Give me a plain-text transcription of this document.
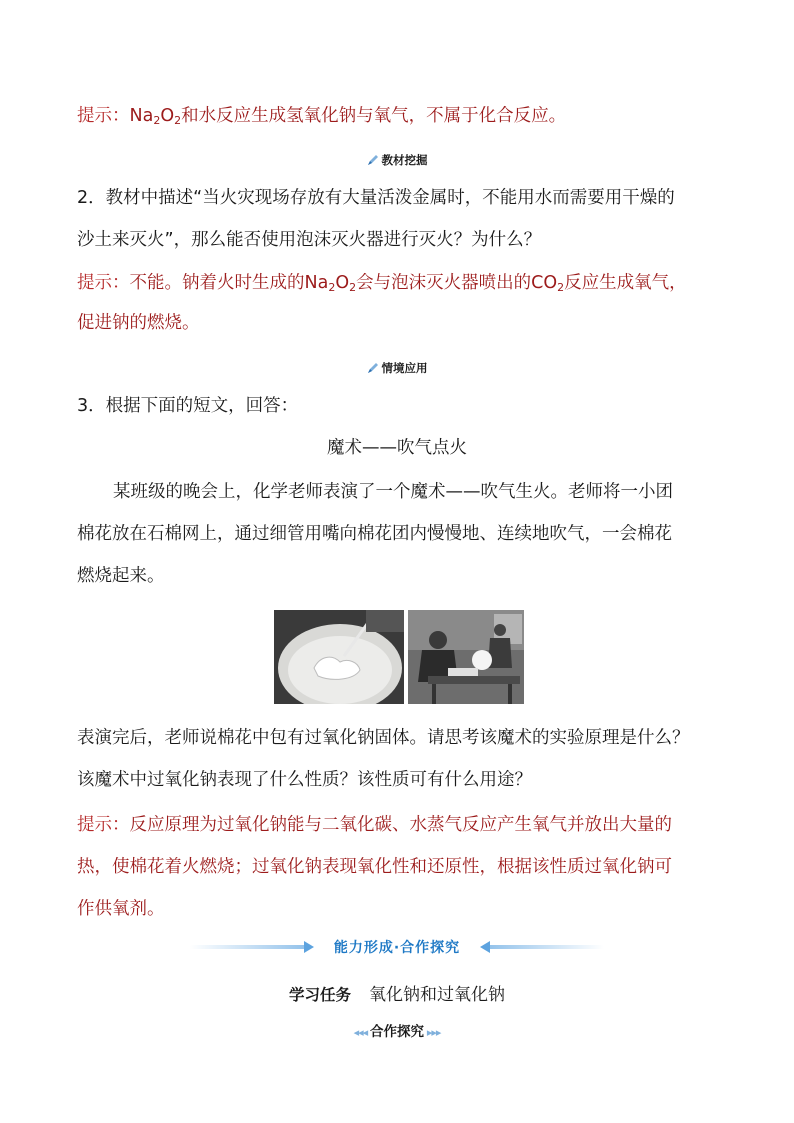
提示：$Na_2O_2$和水反应生成氢氧化钠与氧气，不属于化合反应。
教材挖掘
2．教材中描述“当火灾现场存放有大量活泼金属时，不能用水而需要用干燥的
沙土来灭火”，那么能否使用泡沫灭火器进行灭火？为什么？
提示：不能。钠着火时生成的$Na_2O_2$会与泡沫灭火器喷出的$CO_2$反应生成氧气，
促进钠的燃烧。
情境应用
3．根据下面的短文，回答：
魔术——吹气点火
某班级的晚会上，化学老师表演了一个魔术——吹气生火。老师将一小团
棉花放在石棉网上，通过细管用嘴向棉花团内慢慢地、连续地吹气，一会棉花
燃烧起来。
表演完后，老师说棉花中包有过氧化钠固体。请思考该魔术的实验原理是什么？
该魔术中过氧化钠表现了什么性质？该性质可有什么用途？
提示：反应原理为过氧化钠能与二氧化碳、水蒸气反应产生氧气并放出大量的
热，使棉花着火燃烧；过氧化钠表现氧化性和还原性，根据该性质过氧化钠可
作供氧剂。
能力形成·合作探究
学习任务 氧化钠和过氧化钠
◂◂◂ 合作探究 ▸▸▸
